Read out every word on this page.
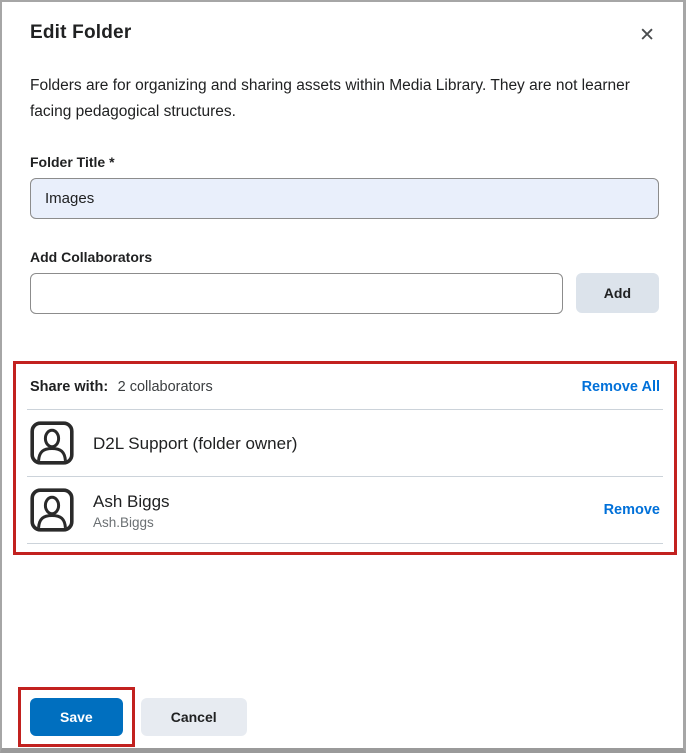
Edit Folder	✕

Folders are for organizing and sharing assets within Media Library. They are not learner facing pedagogical structures.

Folder Title *
Images
Add Collaborators
Add
Share with: 2 collaborators	Remove All
D2L Support (folder owner)
Ash Biggs
Ash.Biggs
Remove
Save	Cancel
